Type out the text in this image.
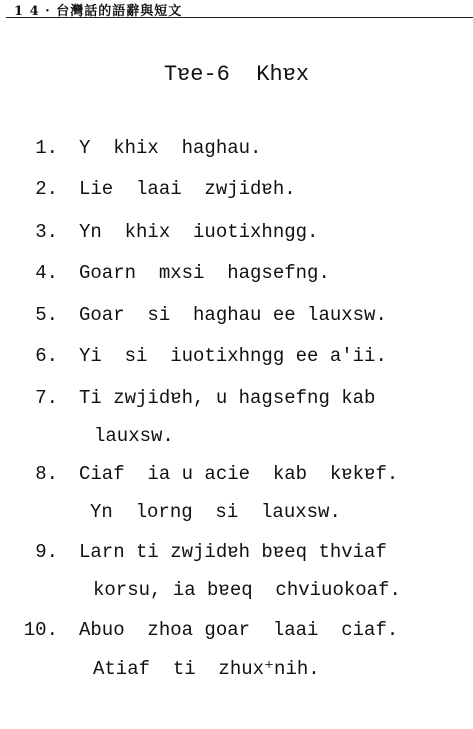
1 4 · 台灣話的語辭與短文
Tɐe-6  Khɐx

1.

Y  khix  haghau.

2.

Lie  laai  zwjidɐh.

3.

Yn  khix  iuotixhngg.

4.

Goarn  mxsi  hagsefng.

5.

Goar  si  haghau ee lauxsw.

6.

Yi  si  iuotixhngg ee a'ii.

7.

Ti zwjidɐh, u hagsefng kab

lauxsw.

8.

Ciaf  ia u acie  kab  kɐkɐf.

Yn  lorng  si  lauxsw.

9.

Larn ti zwjidɐh bɐeq thᴠiaf

korsu, ia bɐeq  chᴠiuokoaf.

10.

Abuo  zhoa goar  laai  ciaf.

Atiaf  ti  zhux⁺nih.
